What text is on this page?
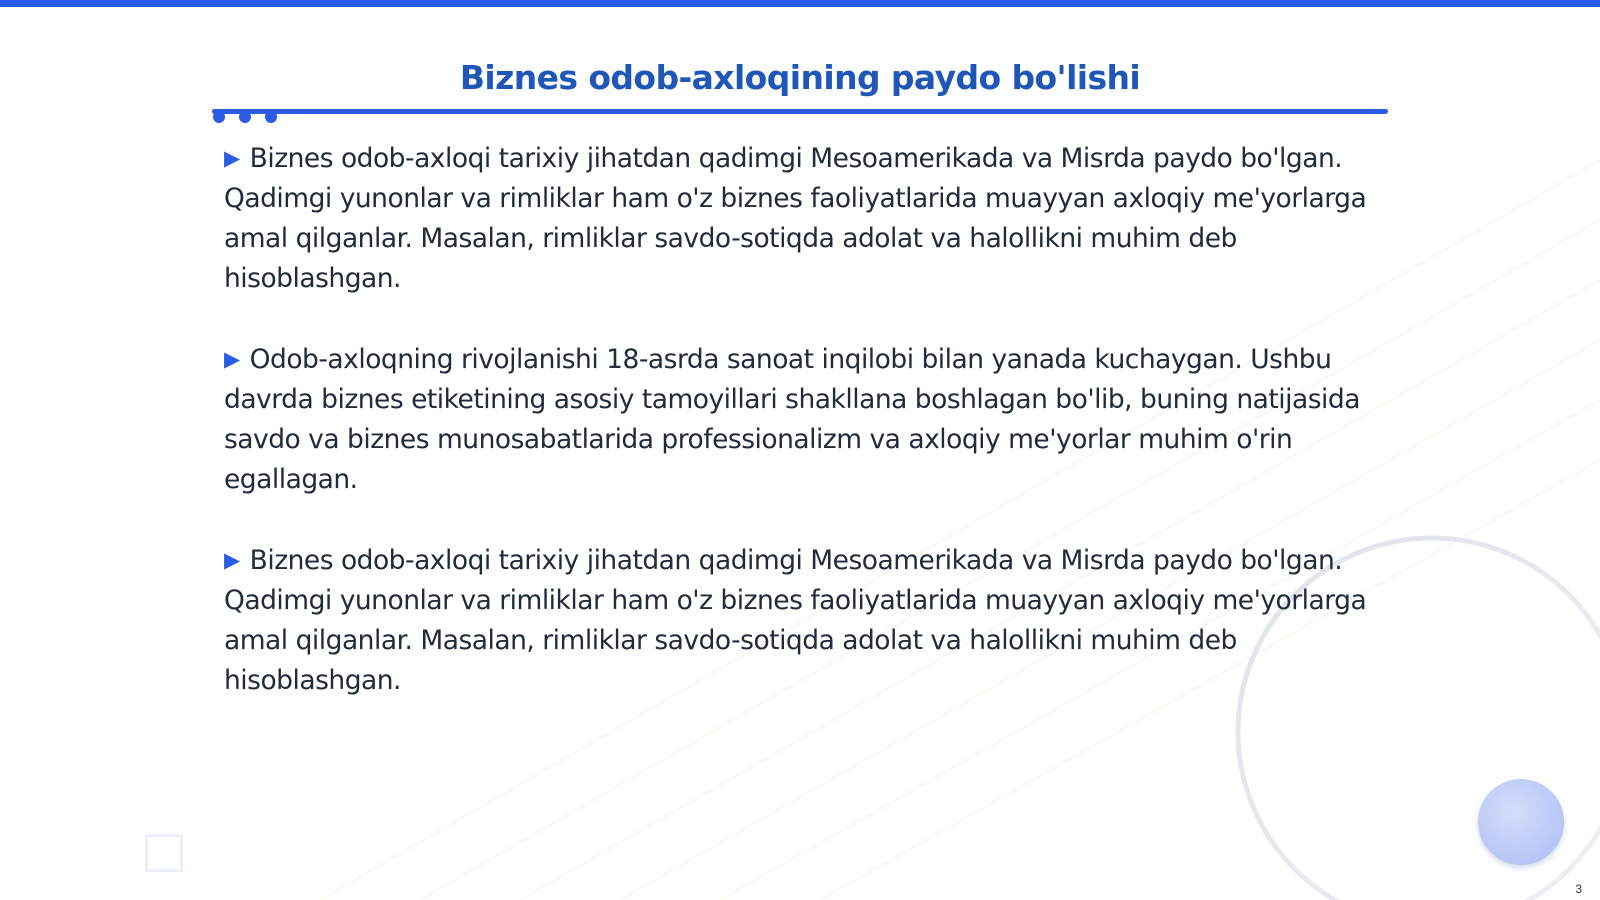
Biznes odob-axloqining paydo bo'lishi

▶ Biznes odob-axloqi tarixiy jihatdan qadimgi Mesoamerikada va Misrda paydo bo'lgan. Qadimgi yunonlar va rimliklar ham o'z biznes faoliyatlarida muayyan axloqiy me'yorlarga amal qilganlar. Masalan, rimliklar savdo-sotiqda adolat va halollikni muhim deb hisoblashgan.

▶ Odob-axloqning rivojlanishi 18-asrda sanoat inqilobi bilan yanada kuchaygan. Ushbu davrda biznes etiketining asosiy tamoyillari shakllana boshlagan bo'lib, buning natijasida savdo va biznes munosabatlarida professionalizm va axloqiy me'yorlar muhim o'rin egallagan.

▶ Biznes odob-axloqi tarixiy jihatdan qadimgi Mesoamerikada va Misrda paydo bo'lgan. Qadimgi yunonlar va rimliklar ham o'z biznes faoliyatlarida muayyan axloqiy me'yorlarga amal qilganlar. Masalan, rimliklar savdo-sotiqda adolat va halollikni muhim deb hisoblashgan.

3
